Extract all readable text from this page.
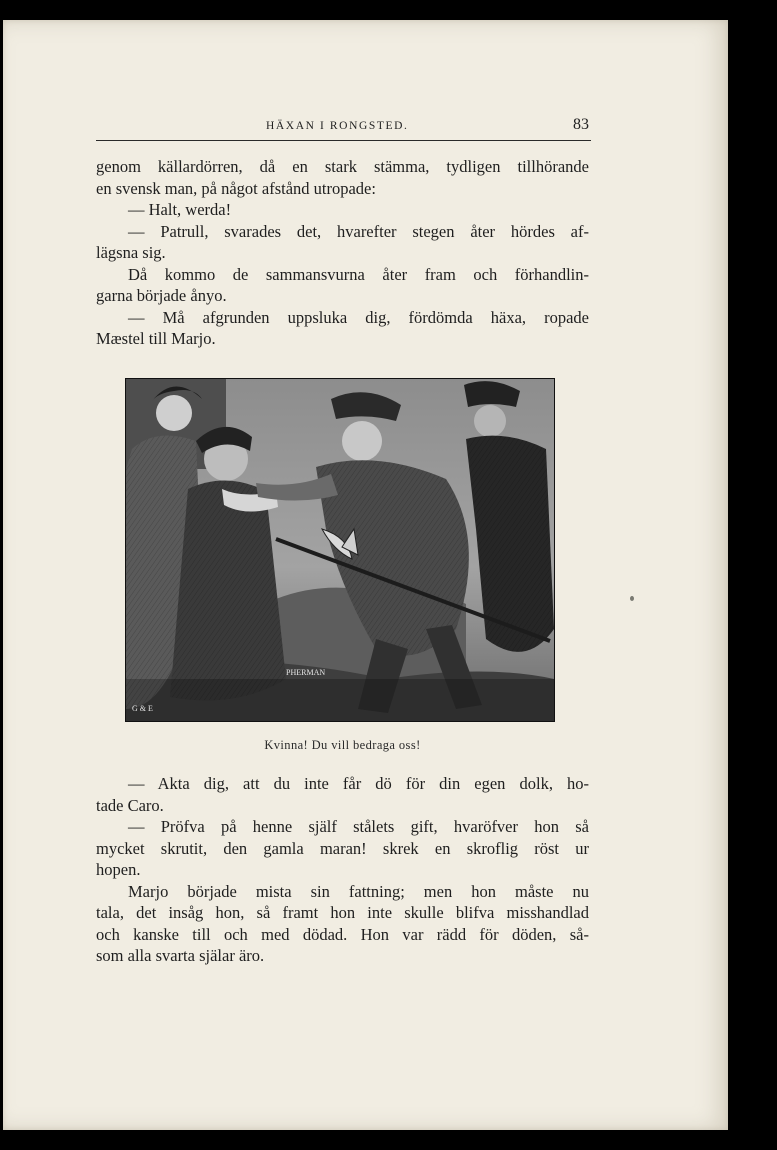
HÄXAN I RONGSTED.	83
genom källardörren, då en stark stämma, tydligen tillhörande
en svensk man, på något afstånd utropade:
— Halt, werda!
— Patrull, svarades det, hvarefter stegen åter hördes af-
lägsna sig.
Då kommo de sammansvurna åter fram och förhandlin-
garna började ånyo.
— Må afgrunden uppsluka dig, fördömda häxa, ropade
Mæstel till Marjo.
PHERMAN
G & E
Kvinna! Du vill bedraga oss!
— Akta dig, att du inte får dö för din egen dolk, ho-
tade Caro.
— Pröfva på henne själf stålets gift, hvaröfver hon så
mycket skrutit, den gamla maran! skrek en skroflig röst ur
hopen.
Marjo började mista sin fattning; men hon måste nu
tala, det insåg hon, så framt hon inte skulle blifva misshandlad
och kanske till och med dödad. Hon var rädd för döden, så-
som alla svarta själar äro.
